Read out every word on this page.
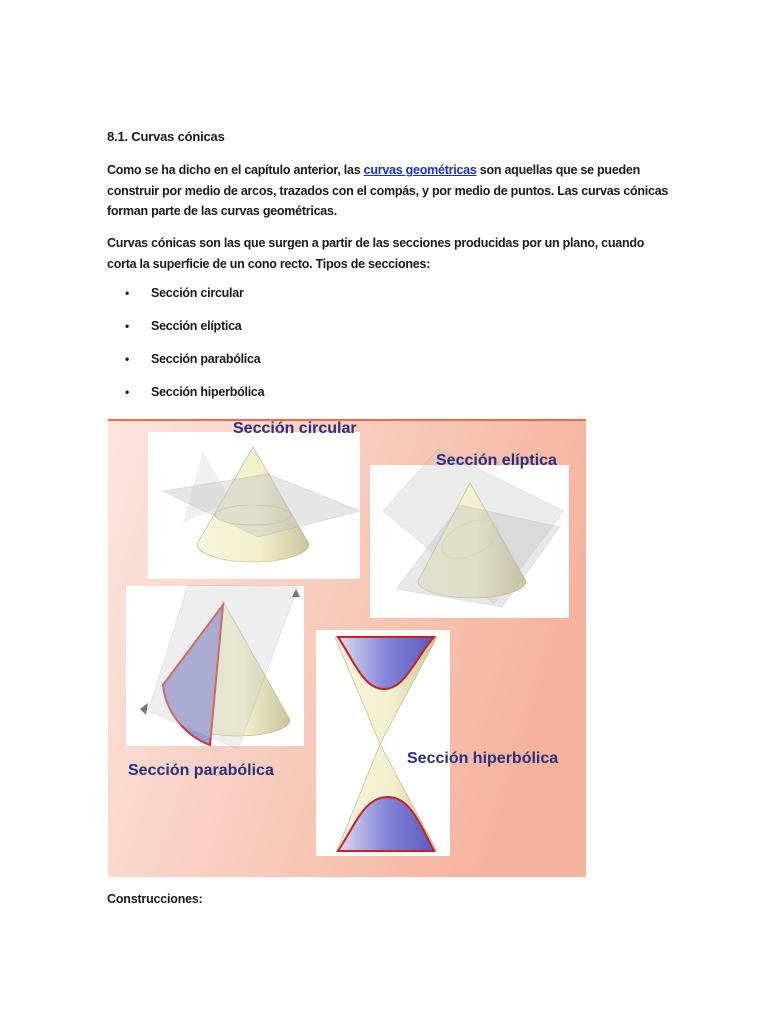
8.1. Curvas cónicas
Como se ha dicho en el capítulo anterior, las curvas geométricas son aquellas que se pueden construir por medio de arcos, trazados con el compás, y por medio de puntos. Las curvas cónicas forman parte de las curvas geométricas.
Curvas cónicas son las que surgen a partir de las secciones producidas por un plano, cuando corta la superficie de un cono recto. Tipos de secciones:
•	Sección circular
•	Sección elíptica
•	Sección parabólica
•	Sección hiperbólica
Sección circular
Sección elíptica
Sección parabólica
Sección hiperbólica
Construcciones:
